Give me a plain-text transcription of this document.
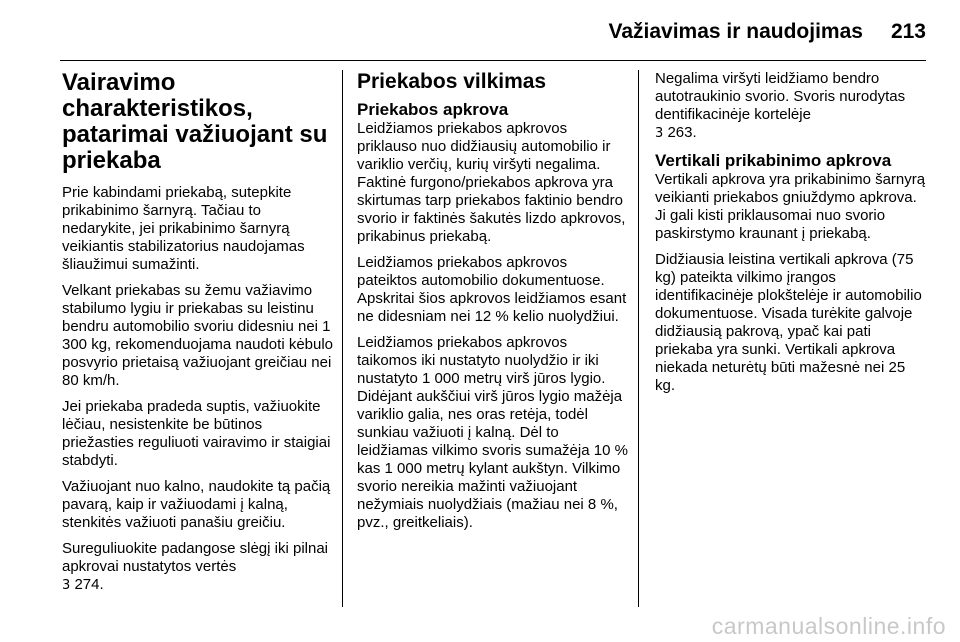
Važiavimas ir naudojimas 213
Vairavimo charakteristikos, patarimai važiuojant su priekaba

Prie kabindami priekabą, sutepkite prikabinimo šarnyrą. Tačiau to nedarykite, jei prikabinimo šarnyrą veikiantis stabilizatorius naudojamas šliaužimui sumažinti.

Velkant priekabas su žemu važiavimo stabilumo lygiu ir priekabas su leistinu bendru automobilio svoriu didesniu nei 1 300 kg, rekomenduojama naudoti kėbulo posvyrio prietaisą važiuojant greičiau nei 80 km/h.

Jei priekaba pradeda suptis, važiuokite lėčiau, nesistenkite be būtinos priežasties reguliuoti vairavimo ir staigiai stabdyti.

Važiuojant nuo kalno, naudokite tą pačią pavarą, kaip ir važiuodami į kalną, stenkitės važiuoti panašiu greičiu.

Sureguliuokite padangose slėgį iki pilnai apkrovai nustatytos vertės
3 274.

Priekabos vilkimas
Priekabos apkrova

Leidžiamos priekabos apkrovos priklauso nuo didžiausių automobilio ir variklio verčių, kurių viršyti negalima. Faktinė furgono/priekabos apkrova yra skirtumas tarp priekabos faktinio bendro svorio ir faktinės šakutės lizdo apkrovos, prikabinus priekabą.

Leidžiamos priekabos apkrovos pateiktos automobilio dokumentuose. Apskritai šios apkrovos leidžiamos esant ne didesniam nei 12 % kelio nuolydžiui.

Leidžiamos priekabos apkrovos taikomos iki nustatyto nuolydžio ir iki nustatyto 1 000 metrų virš jūros lygio. Didėjant aukščiui virš jūros lygio mažėja variklio galia, nes oras retėja, todėl sunkiau važiuoti į kalną. Dėl to leidžiamas vilkimo svoris sumažėja 10 % kas 1 000 metrų kylant aukštyn. Vilkimo svorio nereikia mažinti važiuojant nežymiais nuolydžiais (mažiau nei 8 %, pvz., greitkeliais).

Negalima viršyti leidžiamo bendro autotraukinio svorio. Svoris nurodytas dentifikacinėje kortelėje
3 263.

Vertikali prikabinimo apkrova

Vertikali apkrova yra prikabinimo šarnyrą veikianti priekabos gniuždymo apkrova. Ji gali kisti priklausomai nuo svorio paskirstymo kraunant į priekabą.

Didžiausia leistina vertikali apkrova (75 kg) pateikta vilkimo įrangos identifikacinėje plokštelėje ir automobilio dokumentuose. Visada turėkite galvoje didžiausią pakrovą, ypač kai pati priekaba yra sunki. Vertikali apkrova niekada neturėtų būti mažesnė nei 25 kg.

carmanualsonline.info
